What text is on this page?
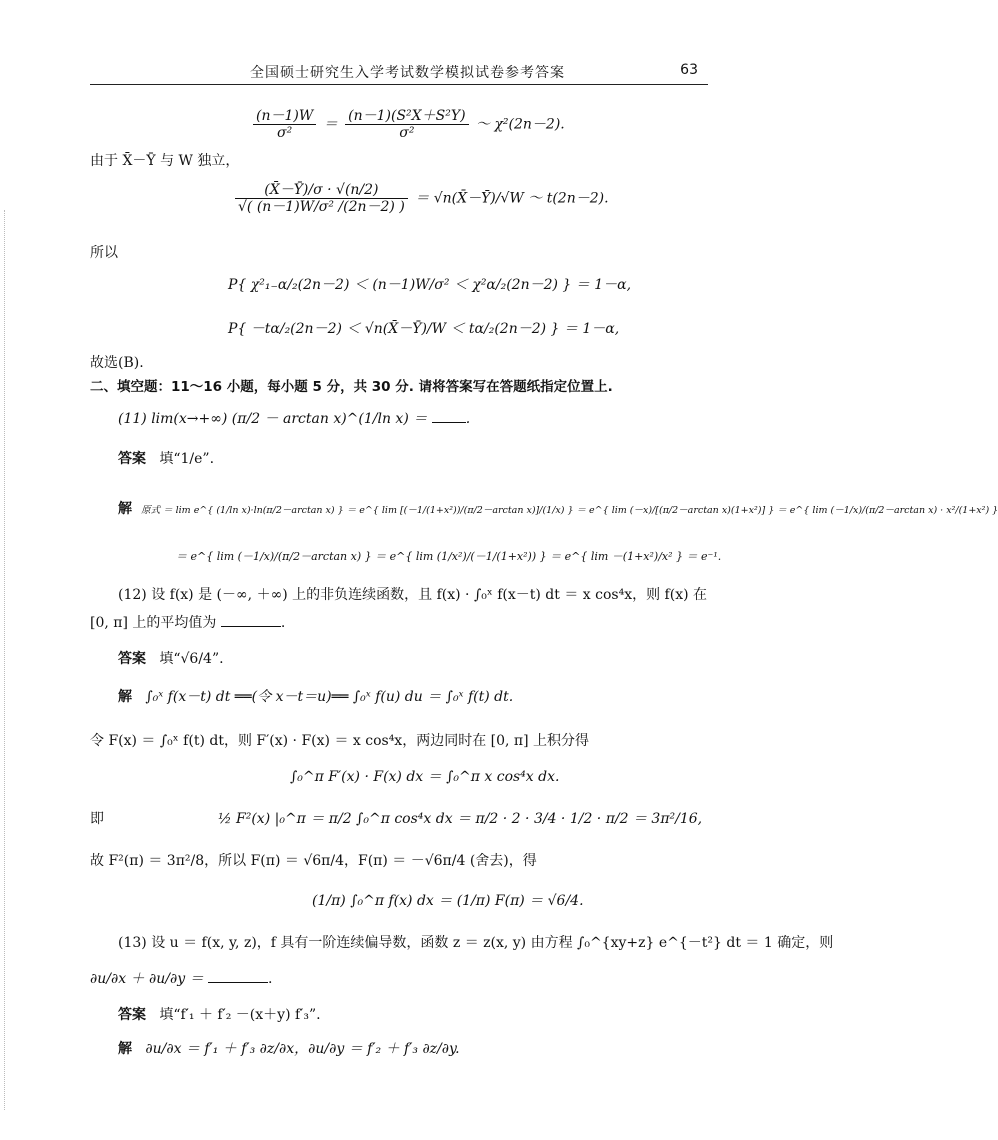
全国硕士研究生入学考试数学模拟试卷参考答案	63
$\frac{(n-1)W}{\text{σ²}} = \frac{\text{(n－1)(S²X＋S²Y)}}{\text{σ²}}$ ～ χ²(2n－2).
由于 X̄－Ȳ 与 W 独立，
$\frac{(X̄-Ȳ)/\sigma \cdot √(n/2)}{\text{√( (n－1)W/σ² /(2n－2) )}}$ ＝ √n(X̄－Ȳ)/√W ～ t(2n－2).
所以
P{ χ²₁₋α/₂(2n－2) ＜ (n－1)W/σ² ＜ χ²α/₂(2n－2) } ＝ 1－α,
P{ －tα/₂(2n－2) ＜ √n(X̄－Ȳ)/W ＜ tα/₂(2n－2) } ＝ 1－α,
故选(B).
二、填空题：11～16 小题，每小题 5 分，共 30 分. 请将答案写在答题纸指定位置上.
(11) lim(x→+∞) (π/2 － arctan x)^(1/ln x) ＝	.
答案 填“1/e”.
解 原式 ＝ lim e^{ (1/ln x)·ln(π/2－arctan x) } ＝ e^{ lim [(－1/(1+x²))/(π/2－arctan x)]/(1/x) } ＝ e^{ lim (－x)/[(π/2－arctan x)(1+x²)] } ＝ e^{ lim (－1/x)/(π/2－arctan x) · x²/(1+x²) }
＝ e^{ lim (－1/x)/(π/2－arctan x) } ＝ e^{ lim (1/x²)/(－1/(1+x²)) } ＝ e^{ lim －(1+x²)/x² } ＝ e⁻¹.
(12) 设 f(x) 是 (－∞, ＋∞) 上的非负连续函数，且 f(x) · ∫₀ˣ f(x－t) dt ＝ x cos⁴x，则 f(x) 在
[0, π] 上的平均值为	.
答案 填“√6/4”.
解 ∫₀ˣ f(x－t) dt ══(令 x－t＝u)══ ∫₀ˣ f(u) du ＝ ∫₀ˣ f(t) dt.
令 F(x) ＝ ∫₀ˣ f(t) dt，则 F′(x) · F(x) ＝ x cos⁴x，两边同时在 [0, π] 上积分得
∫₀^π F′(x) · F(x) dx ＝ ∫₀^π x cos⁴x dx.
即	½ F²(x) |₀^π ＝ π/2 ∫₀^π cos⁴x dx ＝ π/2 · 2 · 3/4 · 1/2 · π/2 ＝ 3π²/16,
故 F²(π) ＝ 3π²/8，所以 F(π) ＝ √6π/4，F(π) ＝ －√6π/4 (舍去)，得
(1/π) ∫₀^π f(x) dx ＝ (1/π) F(π) ＝ √6/4.
(13) 设 u ＝ f(x, y, z)，f 具有一阶连续偏导数，函数 z ＝ z(x, y) 由方程 ∫₀^{xy+z} e^{－t²} dt ＝ 1 确定，则
∂u/∂x ＋ ∂u/∂y ＝	.
答案 填“f′₁ ＋ f′₂ －(x＋y) f′₃”.
解 ∂u/∂x ＝ f′₁ ＋ f′₃ ∂z/∂x，∂u/∂y ＝ f′₂ ＋ f′₃ ∂z/∂y.
